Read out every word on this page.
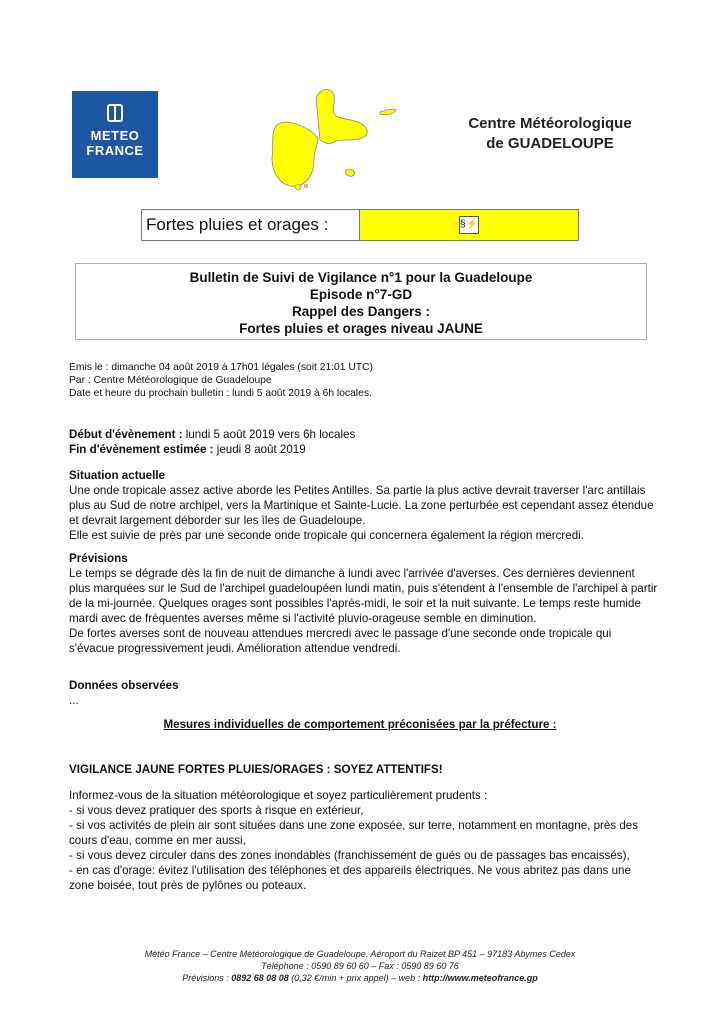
METEO
FRANCE
Centre Météorologique
de GUADELOUPE
Fortes pluies et orages :	§⚡
Bulletin de Suivi de Vigilance n°1 pour la Guadeloupe
Episode n°7-GD
Rappel des Dangers :
Fortes pluies et orages niveau JAUNE
Emis le : dimanche 04 août 2019 à 17h01 légales (soit 21:01 UTC)
Par : Centre Météorologique de Guadeloupe
Date et heure du prochain bulletin : lundi 5 août 2019 à 6h locales.
Début d'évènement : lundi 5 août 2019 vers 6h locales
Fin d'évènement estimée : jeudi 8 août 2019

Situation actuelle

Une onde tropicale assez active aborde les Petites Antilles. Sa partie la plus active devrait traverser l'arc antillais plus au Sud de notre archipel, vers la Martinique et Sainte-Lucie. La zone perturbée est cependant assez étendue et devrait largement déborder sur les îles de Guadeloupe.

Elle est suivie de près par une seconde onde tropicale qui concernera également la région mercredi.

Prévisions

Le temps se dégrade dès la fin de nuit de dimanche à lundi avec l'arrivée d'averses. Ces dernières deviennent plus marquées sur le Sud de l'archipel guadeloupéen lundi matin, puis s'étendent à l'ensemble de l'archipel à partir de la mi-journée. Quelques orages sont possibles l'après-midi, le soir et la nuit suivante. Le temps reste humide mardi avec de fréquentes averses même si l'activité pluvio-orageuse semble en diminution.

De fortes averses sont de nouveau attendues mercredi avec le passage d'une seconde onde tropicale qui s'évacue progressivement jeudi. Amélioration attendue vendredi.

Données observées

...

Mesures individuelles de comportement préconisées par la préfecture :
VIGILANCE JAUNE FORTES PLUIES/ORAGES : SOYEZ ATTENTIFS!

Informez-vous de la situation météorologique et soyez particulièrement prudents :

- si vous devez pratiquer des sports à risque en extérieur,

- si vos activités de plein air sont situées dans une zone exposée, sur terre, notamment en montagne, près des cours d'eau, comme en mer aussi,

- si vous devez circuler dans des zones inondables (franchissement de gués ou de passages bas encaissés),

- en cas d'orage: évitez l'utilisation des téléphones et des appareils électriques. Ne vous abritez pas dans une zone boisée, tout près de pylônes ou poteaux.

Météo France – Centre Météorologique de Guadeloupe. Aéroport du Raizet BP 451 – 97183 Abymes Cedex
Téléphone : 0590 89 60 60 – Fax : 0590 89 60 76
Prévisions : 0892 68 08 08 (0,32 €/min + prix appel) – web : http://www.meteofrance.gp
